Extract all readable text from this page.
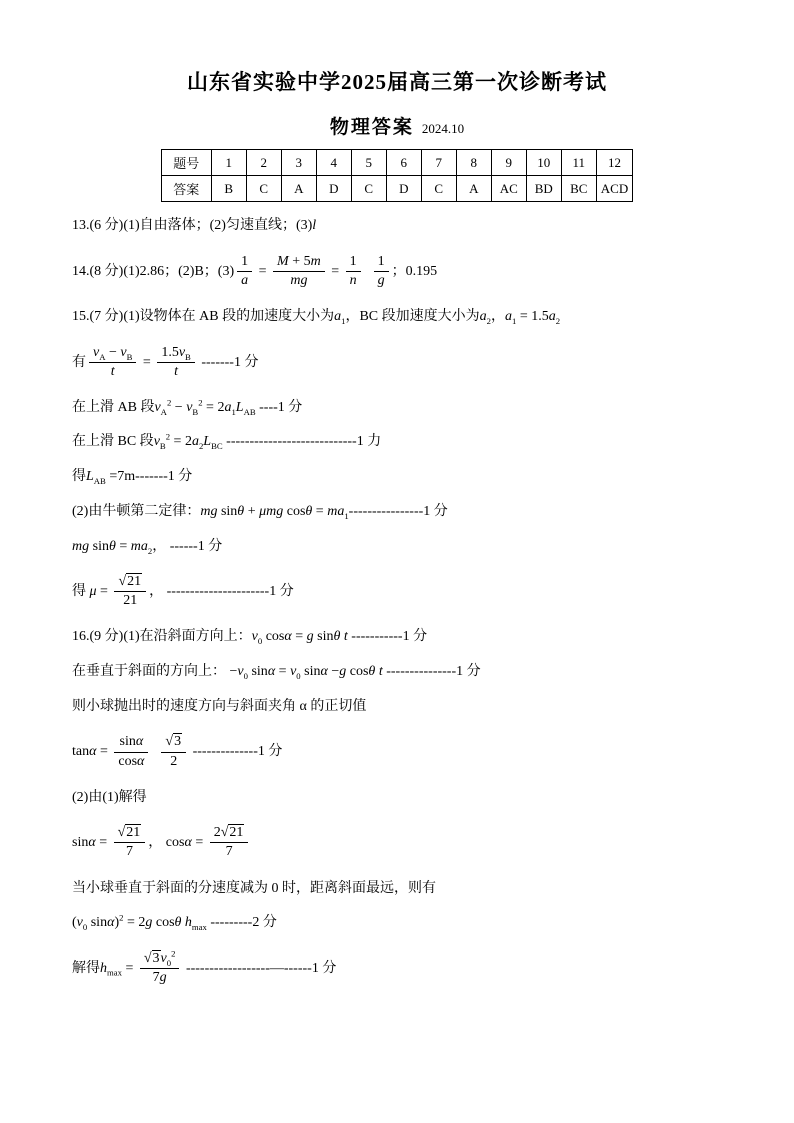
山东省实验中学2025届高三第一次诊断考试
物理答案 2024.10
题号	1	2	3	4	5	6	7	8	9	10	11	12
答案	B	C	A	D	C	D	C	A	AC	BD	BC	ACD

13.(6 分)(1)自由落体；(2)匀速直线；(3)l

14.(8 分)(1)2.86；(2)B；$(3) \frac{1}{a} = \frac{M + 5m}{mg} = \frac{1}{n}$
$\frac{1}{g}$ ；0.195

15.(7 分)(1)设物体在 AB 段的加速度大小为$a_1$，BC 段加速度大小为$a_2$，$a_1 = 1.5a_2$

有 $\frac{v_A - v_B}{t} = \frac{1.5v_B}{t} -------1$ 分

在上滑 AB 段$v_A^2 - v_B^2 = 2a_1L_{AB}$ ----1 分

在上滑 BC 段$v_B^2 = 2a_2L_{BC}$ ----------------------------1 力

得$L_{AB} =7m-------1$ 分

(2)由牛顿第二定律：mg sinθ + μmg $\cos\theta = ma_1----------------1$ 分

mg $\sin\theta = ma_2$， ------1 分

得 $\mu = \frac{√21}{21}$ ， ----------------------1 分

16.(9 分)(1)在沿斜面方向上：$v_0$ cosα = g sinθ t -----------1 分

在垂直于斜面的方向上： $-v_0$ $\sin\alpha = v_0$ sinα −g cosθ t ---------------1 分

则小球抛出时的速度方向与斜面夹角 α 的正切值

$\tan\alpha = \frac{\sin\alpha}{\cos\alpha}$
$\frac{√3}{2} --------------1$ 分

(2)由(1)解得

$\sin\alpha = \frac{√21}{7}$ ， $\cos\alpha = \frac{2√21}{7}$

当小球垂直于斜面的分速度减为 0 时，距离斜面最远，则有

($v_0$ sinα)$^2$ = 2g cosθ $h_{max}$ ---------2 分

解得$h_{max} = \frac{√3v_0^2}{7g}$ ------------------—------1 分
